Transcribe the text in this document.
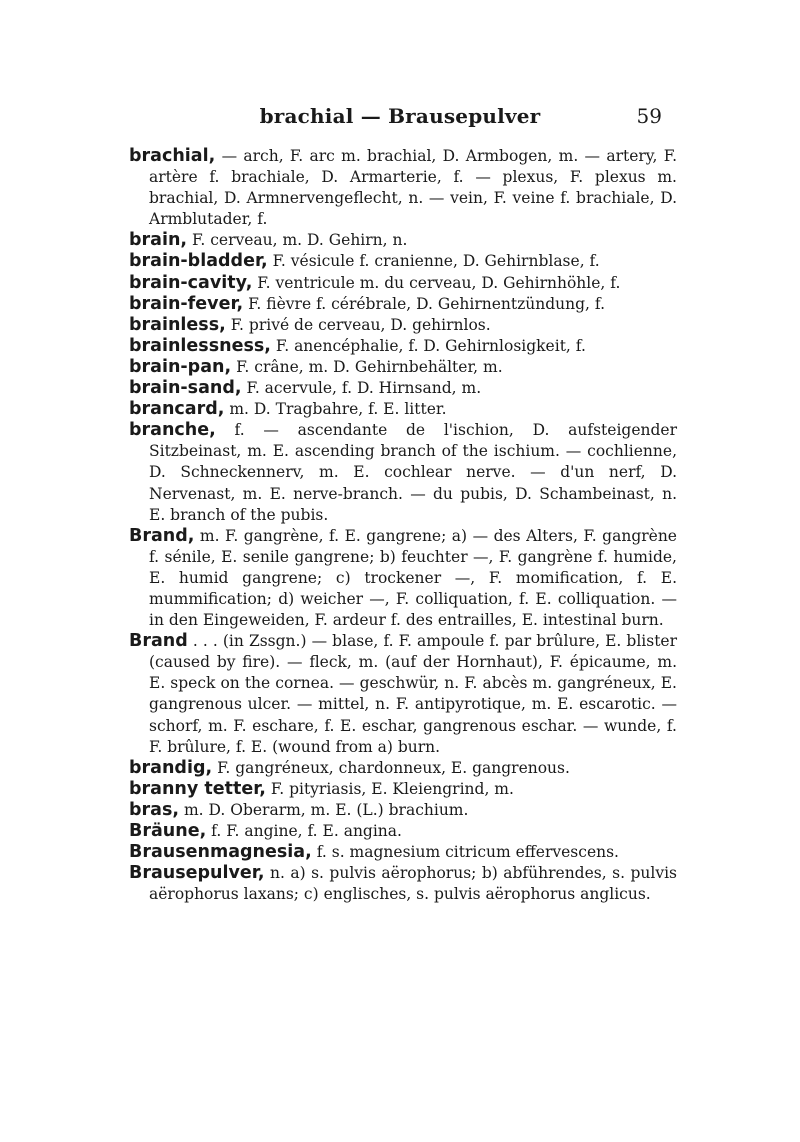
brachial — Brausepulver	59

brachial, — arch, F. arc m. brachial, D. Armbogen, m. — artery, F. artère f. brachiale, D. Armarterie, f. — plexus, F. plexus m. brachial, D. Armnervengeflecht, n. — vein, F. veine f. brachiale, D. Armblutader, f.

brain, F. cerveau, m. D. Gehirn, n.

brain-bladder, F. vésicule f. cranienne, D. Gehirnblase, f.

brain-cavity, F. ventricule m. du cerveau, D. Gehirnhöhle, f.

brain-fever, F. fièvre f. cérébrale, D. Gehirnentzündung, f.

brainless, F. privé de cerveau, D. gehirnlos.

brainlessness, F. anencéphalie, f. D. Gehirnlosigkeit, f.

brain-pan, F. crâne, m. D. Gehirnbehälter, m.

brain-sand, F. acervule, f. D. Hirnsand, m.

brancard, m. D. Tragbahre, f. E. litter.

branche, f. — ascendante de l'ischion, D. aufsteigender Sitzbeinast, m. E. ascending branch of the ischium. — cochlienne, D. Schneckennerv, m. E. cochlear nerve. — d'un nerf, D. Nervenast, m. E. nerve-branch. — du pubis, D. Schambeinast, n. E. branch of the pubis.

Brand, m. F. gangrène, f. E. gangrene; a) — des Alters, F. gangrène f. sénile, E. senile gangrene; b) feuchter —, F. gangrène f. humide, E. humid gangrene; c) trockener —, F. momification, f. E. mummification; d) weicher —, F. colliquation, f. E. colliquation. — in den Eingeweiden, F. ardeur f. des entrailles, E. intestinal burn.

Brand . . . (in Zssgn.) — blase, f. F. ampoule f. par brûlure, E. blister (caused by fire). — fleck, m. (auf der Hornhaut), F. épicaume, m. E. speck on the cornea. — geschwür, n. F. abcès m. gangréneux, E. gangrenous ulcer. — mittel, n. F. antipyrotique, m. E. escarotic. — schorf, m. F. eschare, f. E. eschar, gangrenous eschar. — wunde, f. F. brûlure, f. E. (wound from a) burn.

brandig, F. gangréneux, chardonneux, E. gangrenous.

branny tetter, F. pityriasis, E. Kleiengrind, m.

bras, m. D. Oberarm, m. E. (L.) brachium.

Bräune, f. F. angine, f. E. angina.

Brausenmagnesia, f. s. magnesium citricum effervescens.

Brausepulver, n. a) s. pulvis aërophorus; b) abführendes, s. pulvis aërophorus laxans; c) englisches, s. pulvis aërophorus anglicus.
